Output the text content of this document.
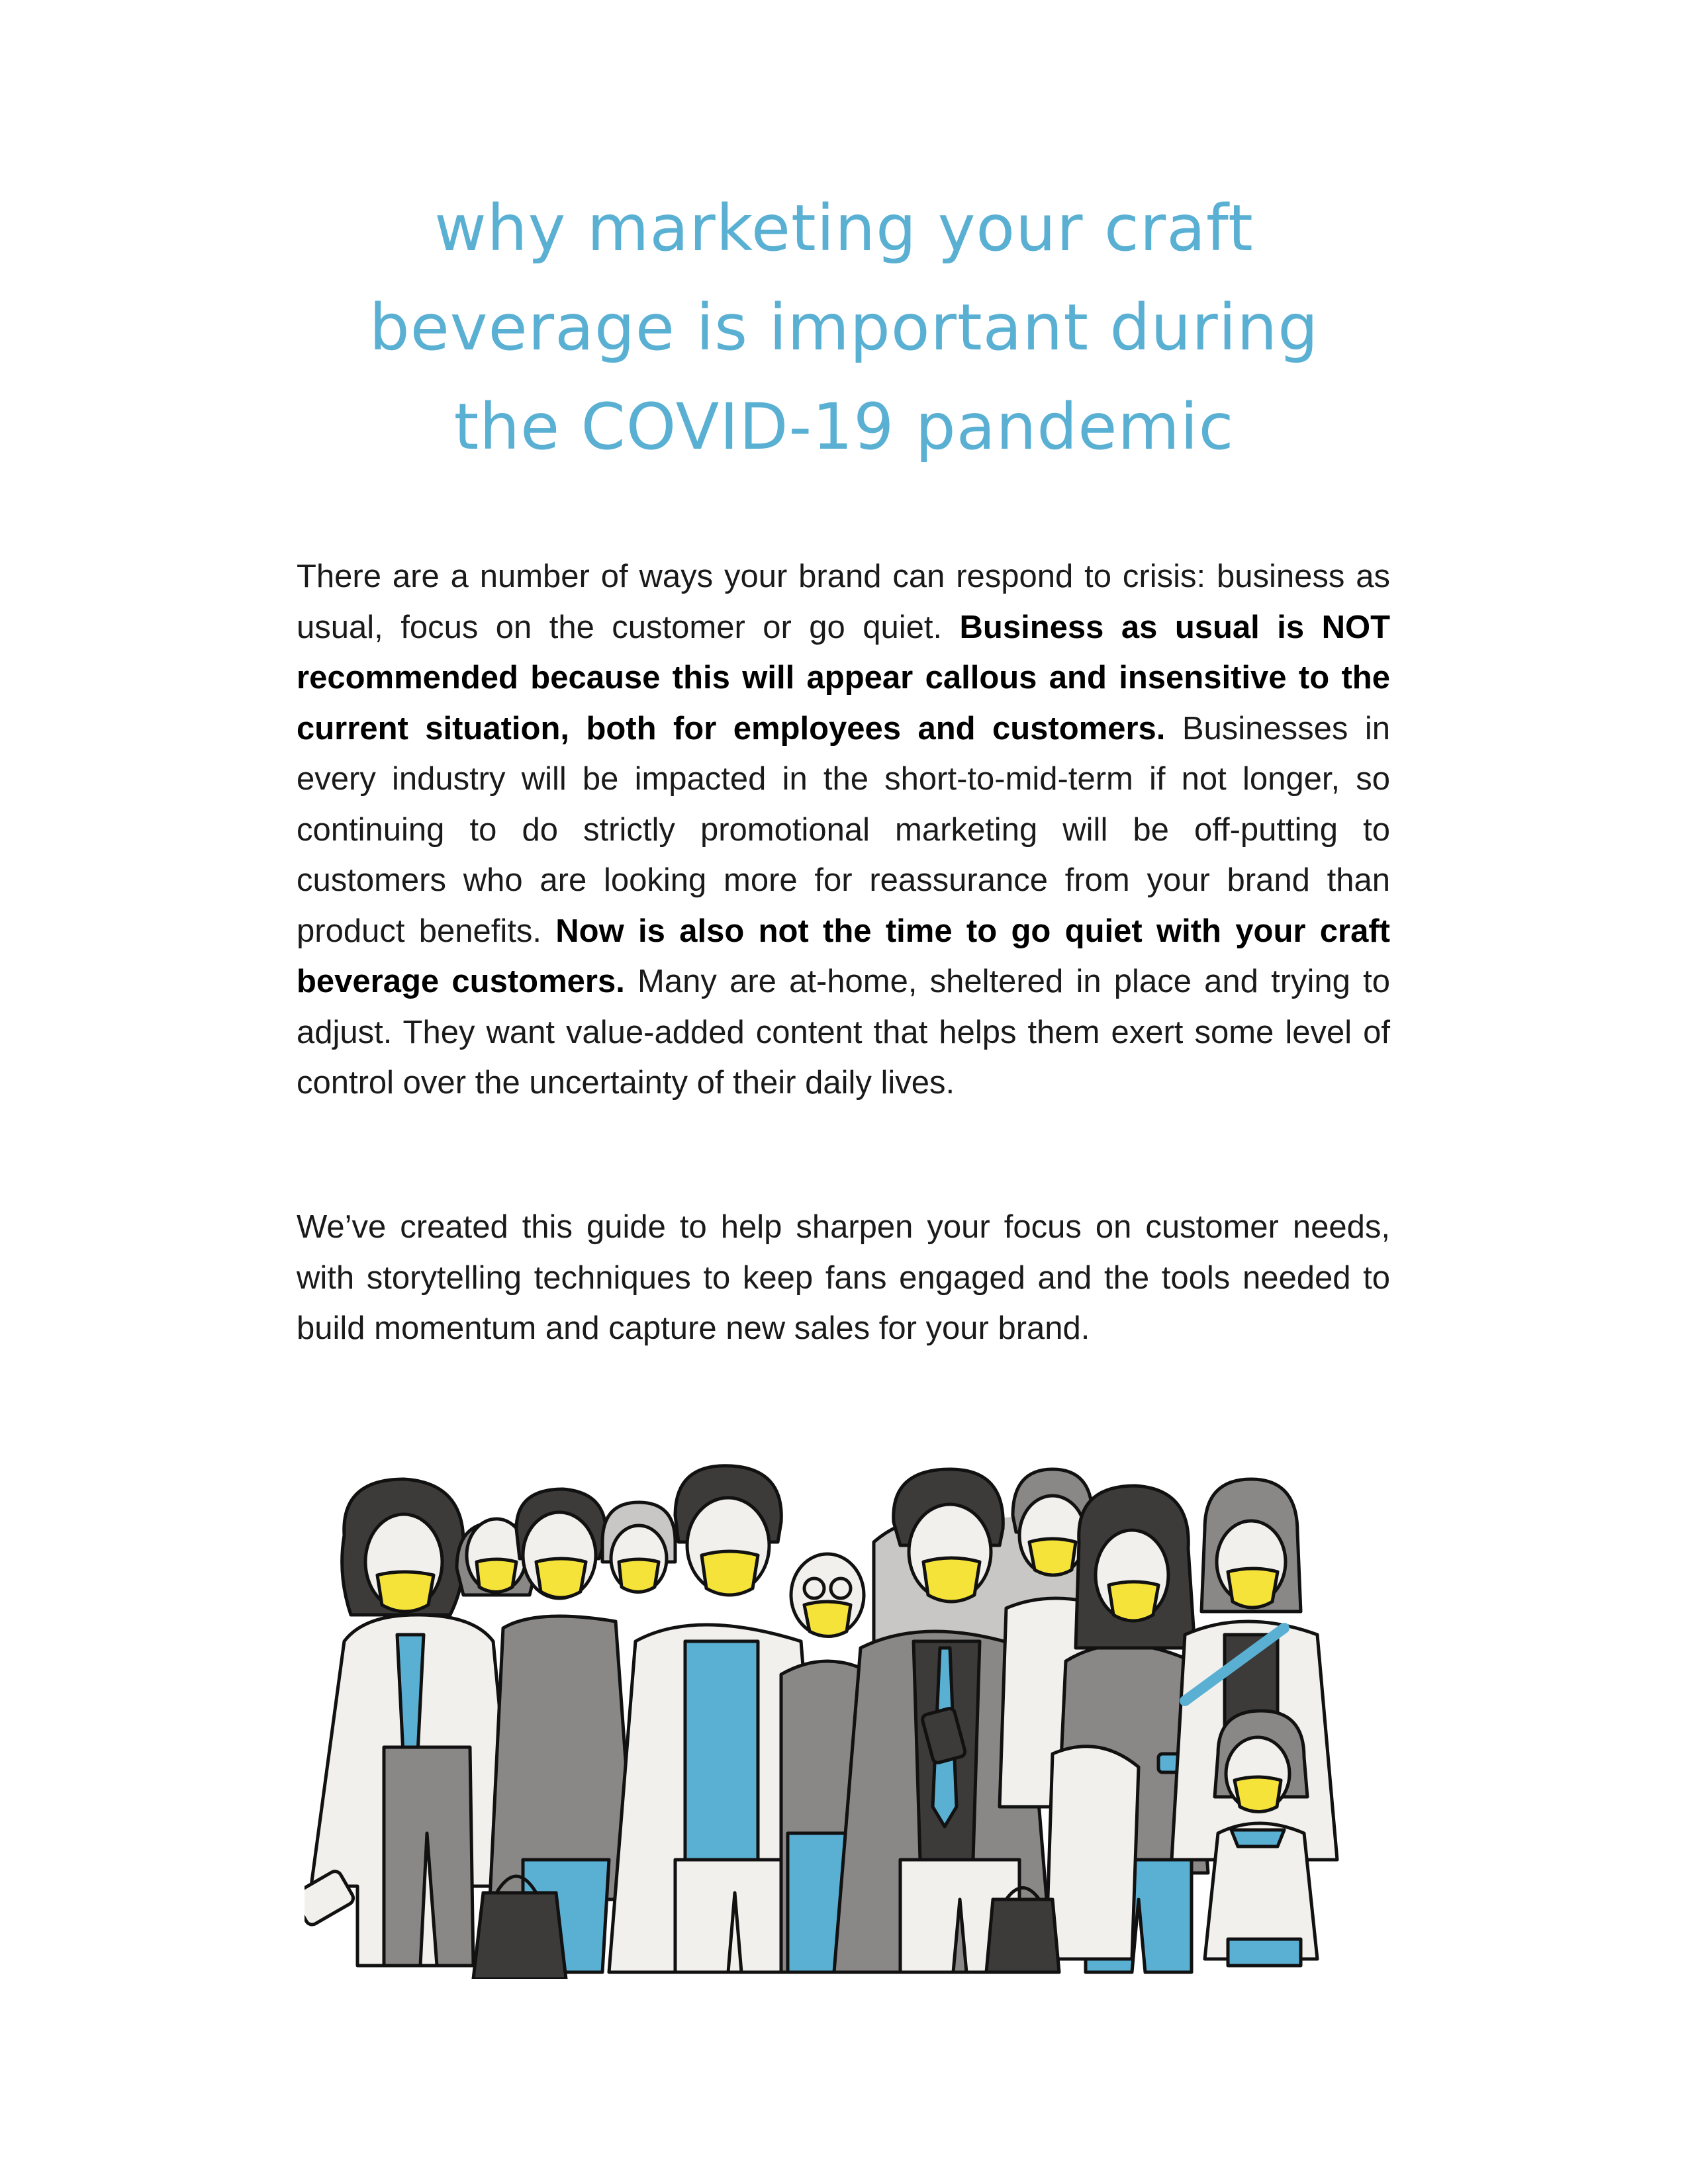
why marketing your craft
beverage is important during
the COVID-19 pandemic

There are a number of ways your brand can respond to crisis: business as usual, focus on the customer or go quiet. Business as usual is NOT recommended because this will appear callous and insensitive to the current situation, both for employees and customers. Businesses in every industry will be impacted in the short-to-mid-term if not longer, so continuing to do strictly promotional marketing will be off-putting to customers who are looking more for reassurance from your brand than product benefits. Now is also not the time to go quiet with your craft beverage customers. Many are at-home, sheltered in place and trying to adjust. They want value-added content that helps them exert some level of control over the uncertainty of their daily lives.

We’ve created this guide to help sharpen your focus on customer needs, with storytelling techniques to keep fans engaged and the tools needed to build momentum and capture new sales for your brand.
